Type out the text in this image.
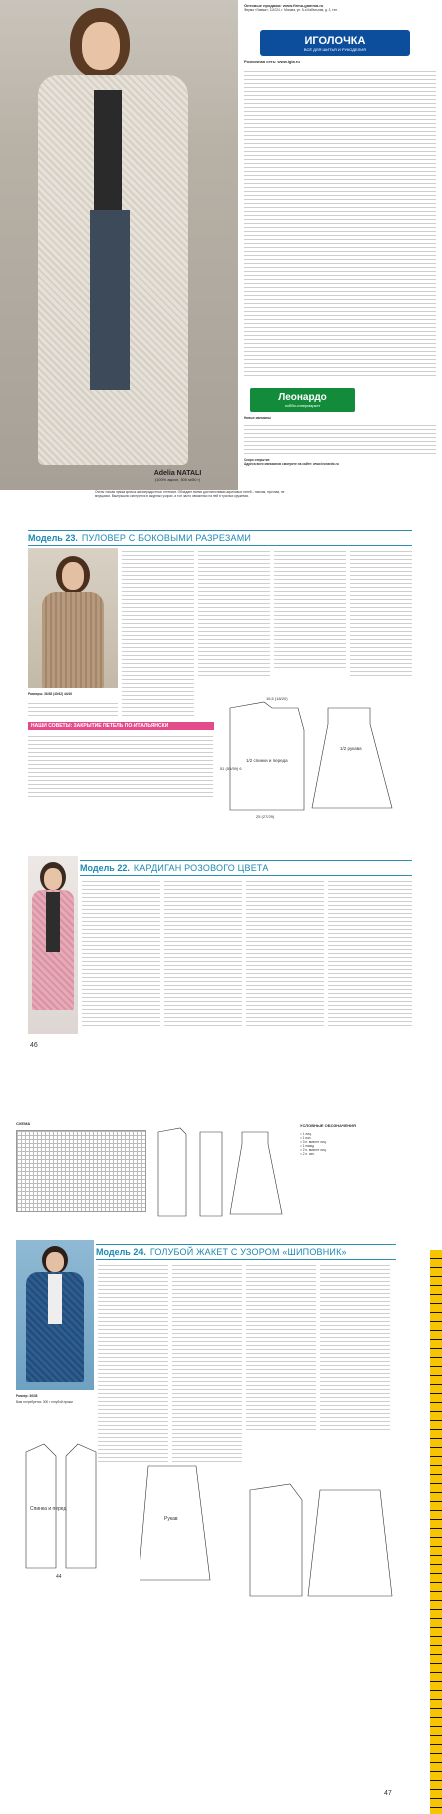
Оптовые продажи: www.firma-gamma.ru

Фирма «Гамма», 111024, г. Москва, ул. 5-я Кабельная, д. 2, тел.

ИГОЛОЧКА
ВСЁ ДЛЯ ШИТЬЯ И РУКОДЕЛИЯ

Розничная сеть: www.igla.ru

Леонардо
хобби-гипермаркет

Новые магазины

Скоро открытие

Адреса всех магазинов смотрите на сайте: www.leonardo.ru

Adelia NATALI
(100% акрил, 300 м/50 г)
Очень тонкая пряжа крючок жизнерадостных оттенков. Обладает всеми достоинствами акриловых нитей – мягкая, прочная, не мнущаяся. Выигрышно смотрится в ажурных узорах, а тон часто связанных на ней в тусклых кружевах.
Модель 23. ПУЛОВЕР С БОКОВЫМИ РАЗРЕЗАМИ
Размеры: 36/38 (40/42) 44/46
НАШИ СОВЕТЫ: ЗАКРЫТИЕ ПЕТЕЛЬ ПО-ИТАЛЬЯНСКИ
1/2 спинки и переда
51 (55/59) 6
25 (27/29)
16,5 (18/20)
1/2 рукава
Модель 22. КАРДИГАН РОЗОВОГО ЦВЕТА
46
СХЕМА	УСЛОВНЫЕ ОБОЗНАЧЕНИЯ

= 1 лиц.

= 1 изн.

= 3 п. вместе лиц.

= 1 накид

= 2 п. вместе лиц.

= 2 п. изн.

Модель 24. ГОЛУБОЙ ЖАКЕТ С УЗОРОМ «ШИПОВНИК»
Размер: 36/38
Вам потребуется: 300 г голубой пряжи
Спинка и перед
44
Рукав
47
